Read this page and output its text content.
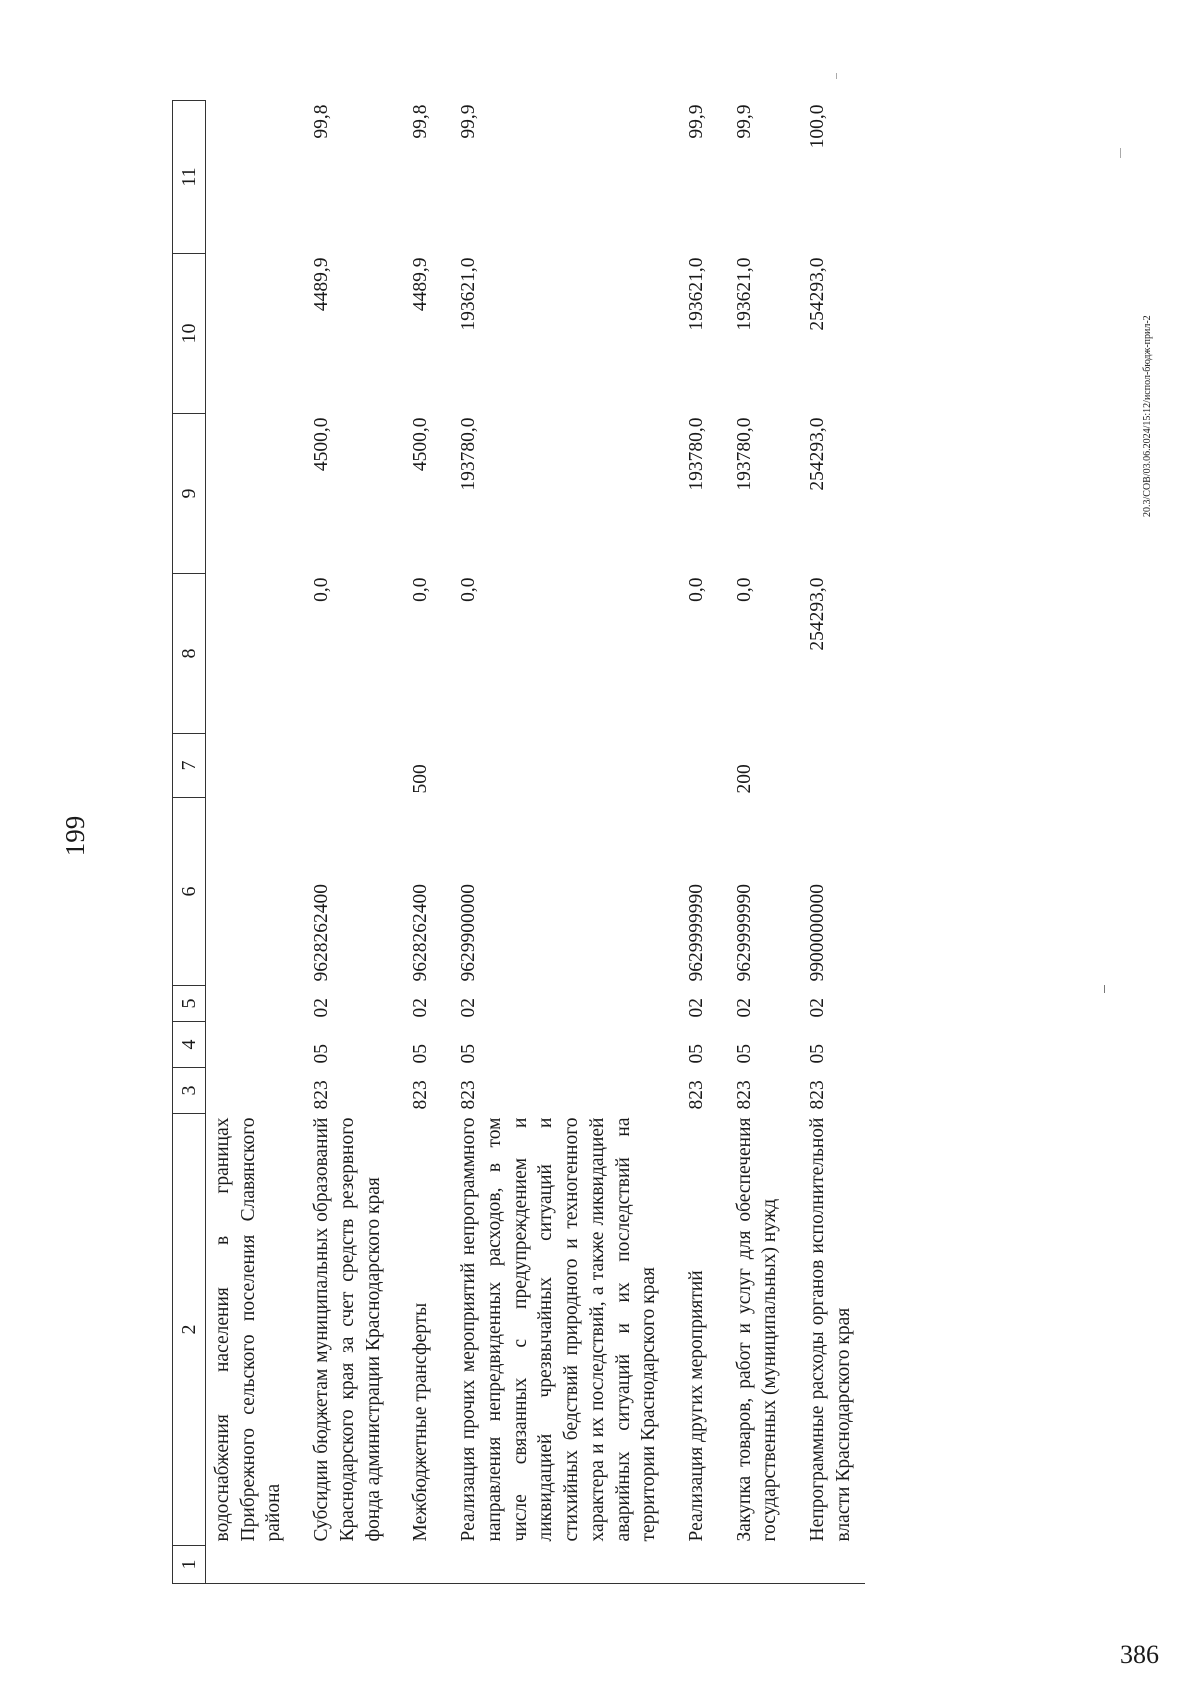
199
1	2	3	4	5	6	7	8	9	10	11
	водоснабжения населения в границах Прибрежного сельского поселения Славянского района									
	Субсидии бюджетам муниципальных образований Краснодарского края за счет средств резервного фонда администрации Краснодарского края	823	05	02	9628262400		0,0	4500,0	4489,9	99,8
	Межбюджетные трансферты	823	05	02	9628262400	500	0,0	4500,0	4489,9	99,8
	Реализация прочих мероприятий непрограммного направления непредвиденных расходов, в том числе связанных с предупреждением и ликвидацией чрезвычайных ситуаций и стихийных бедствий природного и техногенного характера и их последствий, а также ликвидацией аварийных ситуаций и их последствий на территории Краснодарского края	823	05	02	9629900000		0,0	193780,0	193621,0	99,9
	Реализация других мероприятий	823	05	02	9629999990		0,0	193780,0	193621,0	99,9
	Закупка товаров, работ и услуг для обеспечения государственных (муниципальных) нужд	823	05	02	9629999990	200	0,0	193780,0	193621,0	99,9
	Непрограммные расходы органов исполнительной власти Краснодарского края	823	05	02	9900000000		254293,0	254293,0	254293,0	100,0
20.3/СОВ/03.06.2024/15:12/испол-бюдж-прил-2
386
